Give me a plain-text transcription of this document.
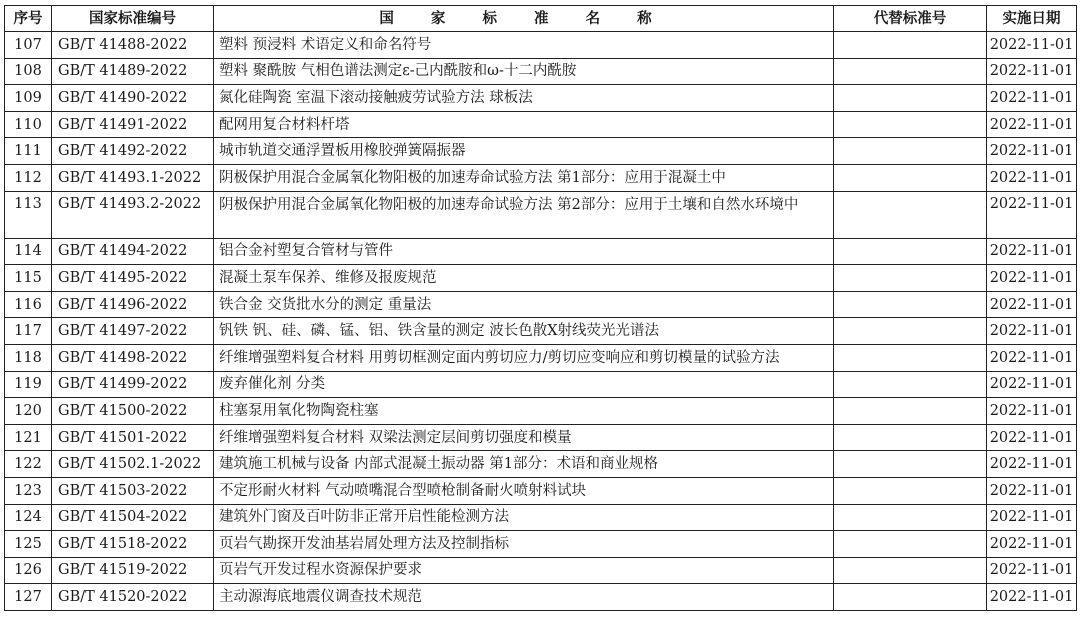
序号	国家标准编号	国 家 标 准 名 称	代替标准号	实施日期
107	GB/T 41488-2022	塑料 预浸料 术语定义和命名符号		2022-11-01
108	GB/T 41489-2022	塑料 聚酰胺 气相色谱法测定ε-己内酰胺和ω-十二内酰胺		2022-11-01
109	GB/T 41490-2022	氮化硅陶瓷 室温下滚动接触疲劳试验方法 球板法		2022-11-01
110	GB/T 41491-2022	配网用复合材料杆塔		2022-11-01
111	GB/T 41492-2022	城市轨道交通浮置板用橡胶弹簧隔振器		2022-11-01
112	GB/T 41493.1-2022	阴极保护用混合金属氧化物阳极的加速寿命试验方法 第1部分：应用于混凝土中		2022-11-01
113	GB/T 41493.2-2022	阴极保护用混合金属氧化物阳极的加速寿命试验方法 第2部分：应用于土壤和自然水环境中		2022-11-01
114	GB/T 41494-2022	铝合金衬塑复合管材与管件		2022-11-01
115	GB/T 41495-2022	混凝土泵车保养、维修及报废规范		2022-11-01
116	GB/T 41496-2022	铁合金 交货批水分的测定 重量法		2022-11-01
117	GB/T 41497-2022	钒铁 钒、硅、磷、锰、铝、铁含量的测定 波长色散X射线荧光光谱法		2022-11-01
118	GB/T 41498-2022	纤维增强塑料复合材料 用剪切框测定面内剪切应力/剪切应变响应和剪切模量的试验方法		2022-11-01
119	GB/T 41499-2022	废弃催化剂 分类		2022-11-01
120	GB/T 41500-2022	柱塞泵用氧化物陶瓷柱塞		2022-11-01
121	GB/T 41501-2022	纤维增强塑料复合材料 双梁法测定层间剪切强度和模量		2022-11-01
122	GB/T 41502.1-2022	建筑施工机械与设备 内部式混凝土振动器 第1部分：术语和商业规格		2022-11-01
123	GB/T 41503-2022	不定形耐火材料 气动喷嘴混合型喷枪制备耐火喷射料试块		2022-11-01
124	GB/T 41504-2022	建筑外门窗及百叶防非正常开启性能检测方法		2022-11-01
125	GB/T 41518-2022	页岩气勘探开发油基岩屑处理方法及控制指标		2022-11-01
126	GB/T 41519-2022	页岩气开发过程水资源保护要求		2022-11-01
127	GB/T 41520-2022	主动源海底地震仪调查技术规范		2022-11-01
